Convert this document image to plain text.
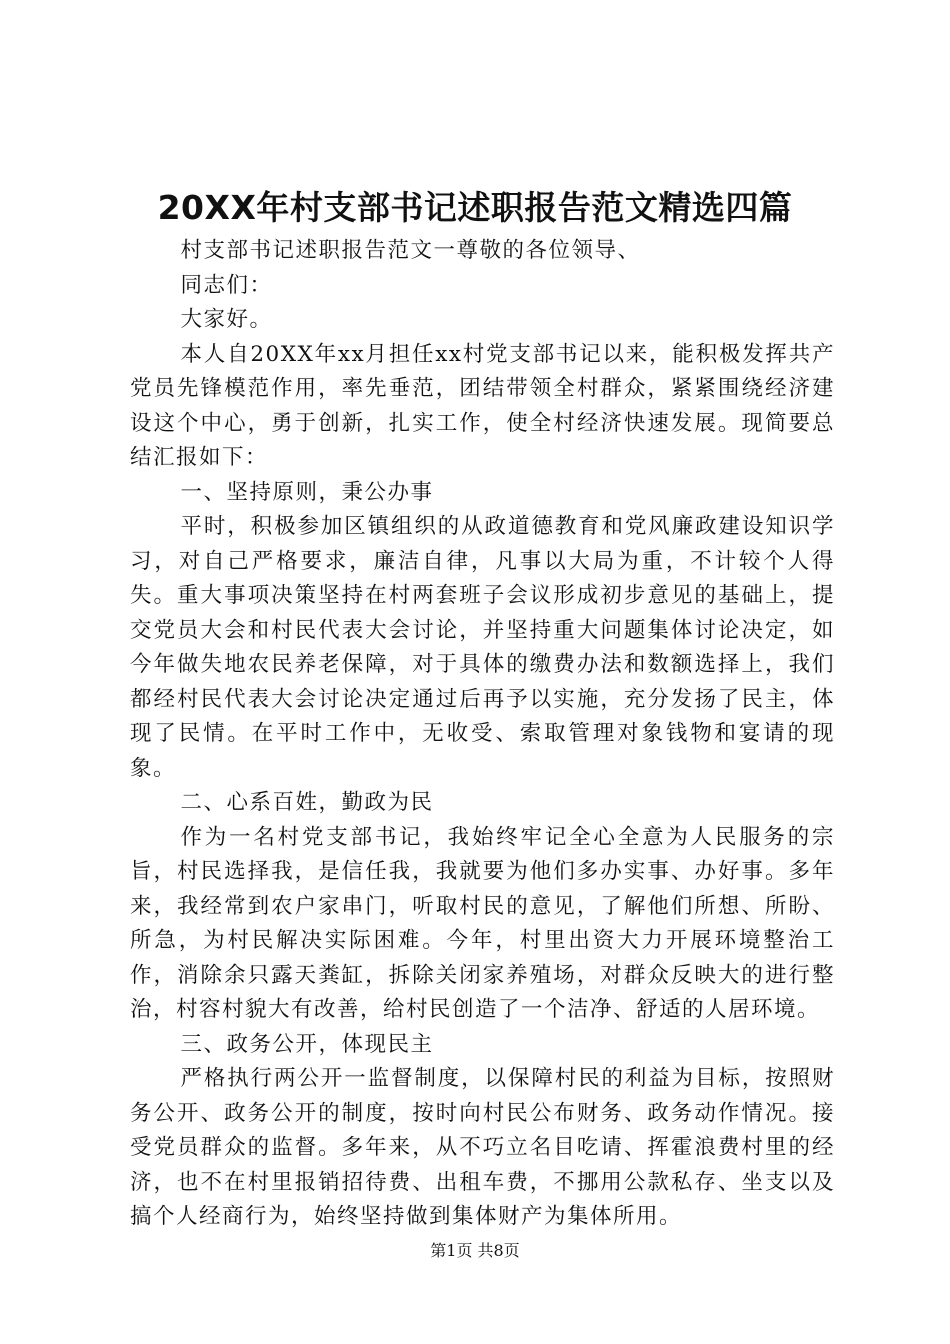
20XX年村支部书记述职报告范文精选四篇

村支部书记述职报告范文一尊敬的各位领导、

同志们：

大家好。

本人自20XX年xx月担任xx村党支部书记以来，能积极发挥共产党员先锋模范作用，率先垂范，团结带领全村群众，紧紧围绕经济建设这个中心，勇于创新，扎实工作，使全村经济快速发展。现简要总结汇报如下：

一、坚持原则，秉公办事

平时，积极参加区镇组织的从政道德教育和党风廉政建设知识学习，对自己严格要求，廉洁自律，凡事以大局为重，不计较个人得失。重大事项决策坚持在村两套班子会议形成初步意见的基础上，提交党员大会和村民代表大会讨论，并坚持重大问题集体讨论决定，如今年做失地农民养老保障，对于具体的缴费办法和数额选择上，我们都经村民代表大会讨论决定通过后再予以实施，充分发扬了民主，体现了民情。在平时工作中，无收受、索取管理对象钱物和宴请的现象。

二、心系百姓，勤政为民

作为一名村党支部书记，我始终牢记全心全意为人民服务的宗旨，村民选择我，是信任我，我就要为他们多办实事、办好事。多年来，我经常到农户家串门，听取村民的意见，了解他们所想、所盼、所急，为村民解决实际困难。今年，村里出资大力开展环境整治工作，消除余只露天粪缸，拆除关闭家养殖场，对群众反映大的进行整治，村容村貌大有改善，给村民创造了一个洁净、舒适的人居环境。

三、政务公开，体现民主

严格执行两公开一监督制度，以保障村民的利益为目标，按照财务公开、政务公开的制度，按时向村民公布财务、政务动作情况。接受党员群众的监督。多年来，从不巧立名目吃请、挥霍浪费村里的经济，也不在村里报销招待费、出租车费，不挪用公款私存、坐支以及搞个人经商行为，始终坚持做到集体财产为集体所用。

第1页 共8页
